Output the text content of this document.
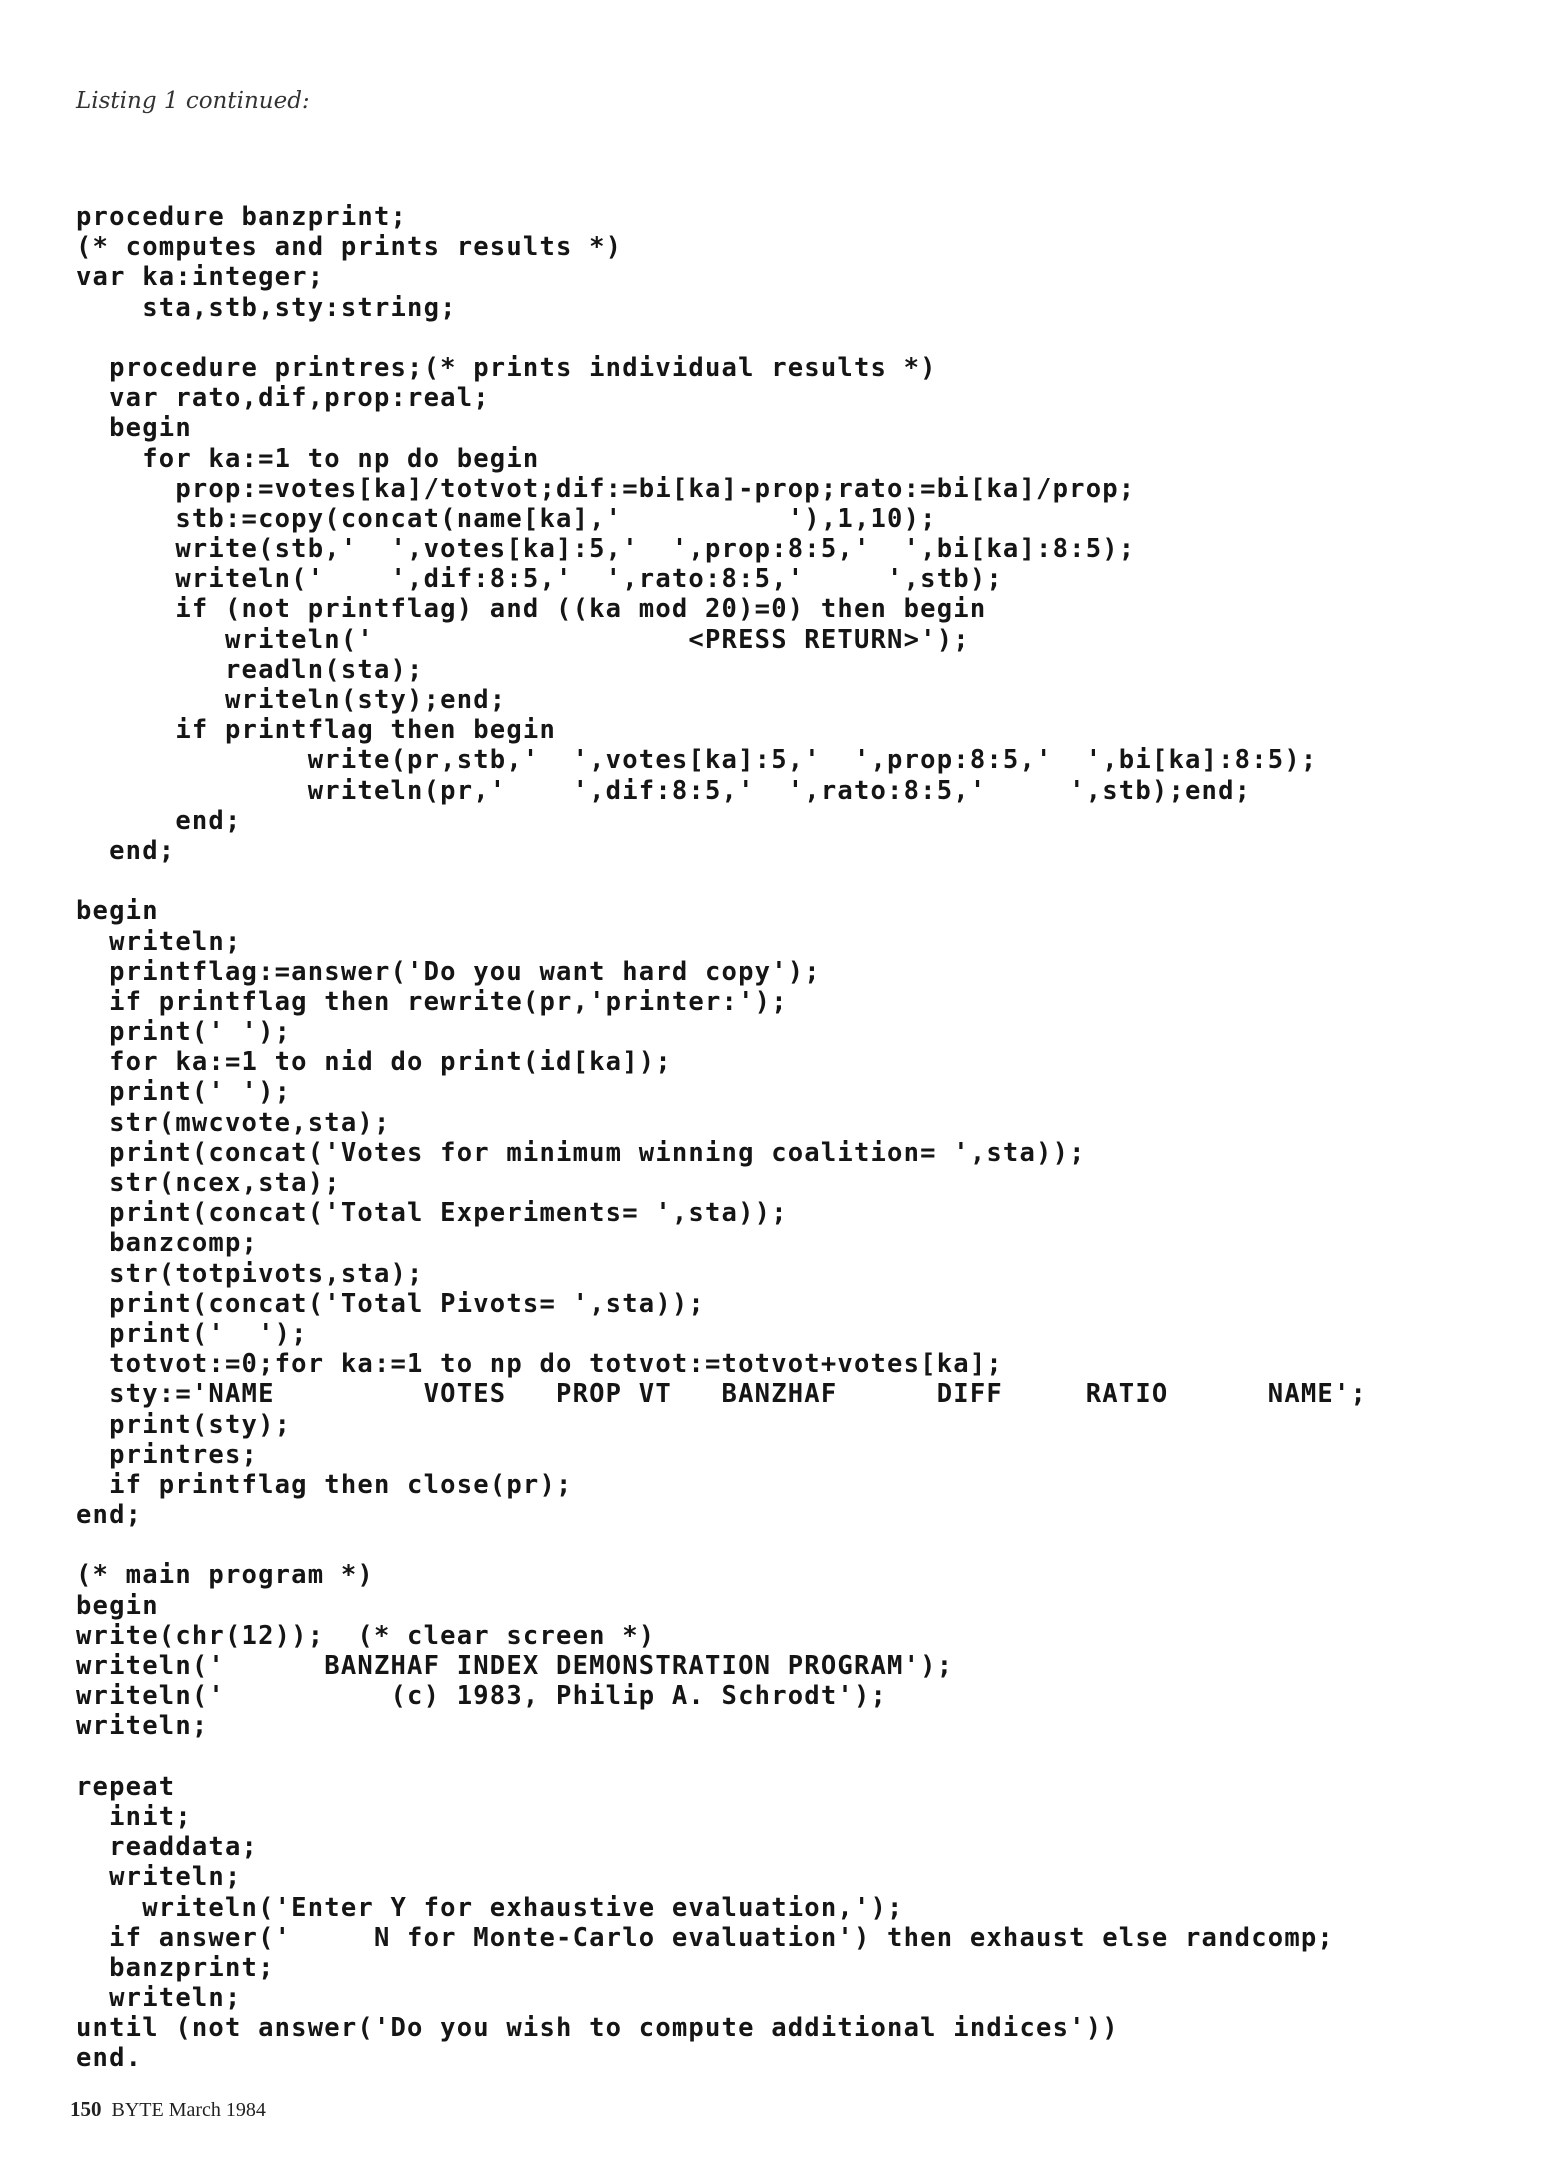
Listing 1 continued:
procedure banzprint;
(* computes and prints results *)
var ka:integer;
sta,stb,sty:string;
procedure printres;(* prints individual results *)
var rato,dif,prop:real;
begin
for ka:=1 to np do begin
prop:=votes[ka]/totvot;dif:=bi[ka]-prop;rato:=bi[ka]/prop;
stb:=copy(concat(name[ka],'          '),1,10);
write(stb,'  ',votes[ka]:5,'  ',prop:8:5,'  ',bi[ka]:8:5);
writeln('    ',dif:8:5,'  ',rato:8:5,'     ',stb);
if (not printflag) and ((ka mod 20)=0) then begin
writeln('                   <PRESS RETURN>');
readln(sta);
writeln(sty);end;
if printflag then begin
write(pr,stb,'  ',votes[ka]:5,'  ',prop:8:5,'  ',bi[ka]:8:5);
writeln(pr,'    ',dif:8:5,'  ',rato:8:5,'     ',stb);end;
end;
end;
begin
writeln;
printflag:=answer('Do you want hard copy');
if printflag then rewrite(pr,'printer:');
print(' ');
for ka:=1 to nid do print(id[ka]);
print(' ');
str(mwcvote,sta);
print(concat('Votes for minimum winning coalition= ',sta));
str(ncex,sta);
print(concat('Total Experiments= ',sta));
banzcomp;
str(totpivots,sta);
print(concat('Total Pivots= ',sta));
print('  ');
totvot:=0;for ka:=1 to np do totvot:=totvot+votes[ka];
sty:='NAME         VOTES   PROP VT   BANZHAF      DIFF     RATIO      NAME';
print(sty);
printres;
if printflag then close(pr);
end;
(* main program *)
begin
write(chr(12));  (* clear screen *)
writeln('      BANZHAF INDEX DEMONSTRATION PROGRAM');
writeln('          (c) 1983, Philip A. Schrodt');
writeln;
repeat
init;
readdata;
writeln;
writeln('Enter Y for exhaustive evaluation,');
if answer('     N for Monte-Carlo evaluation') then exhaust else randcomp;
banzprint;
writeln;
until (not answer('Do you wish to compute additional indices'))
end.
150 BYTE March 1984
